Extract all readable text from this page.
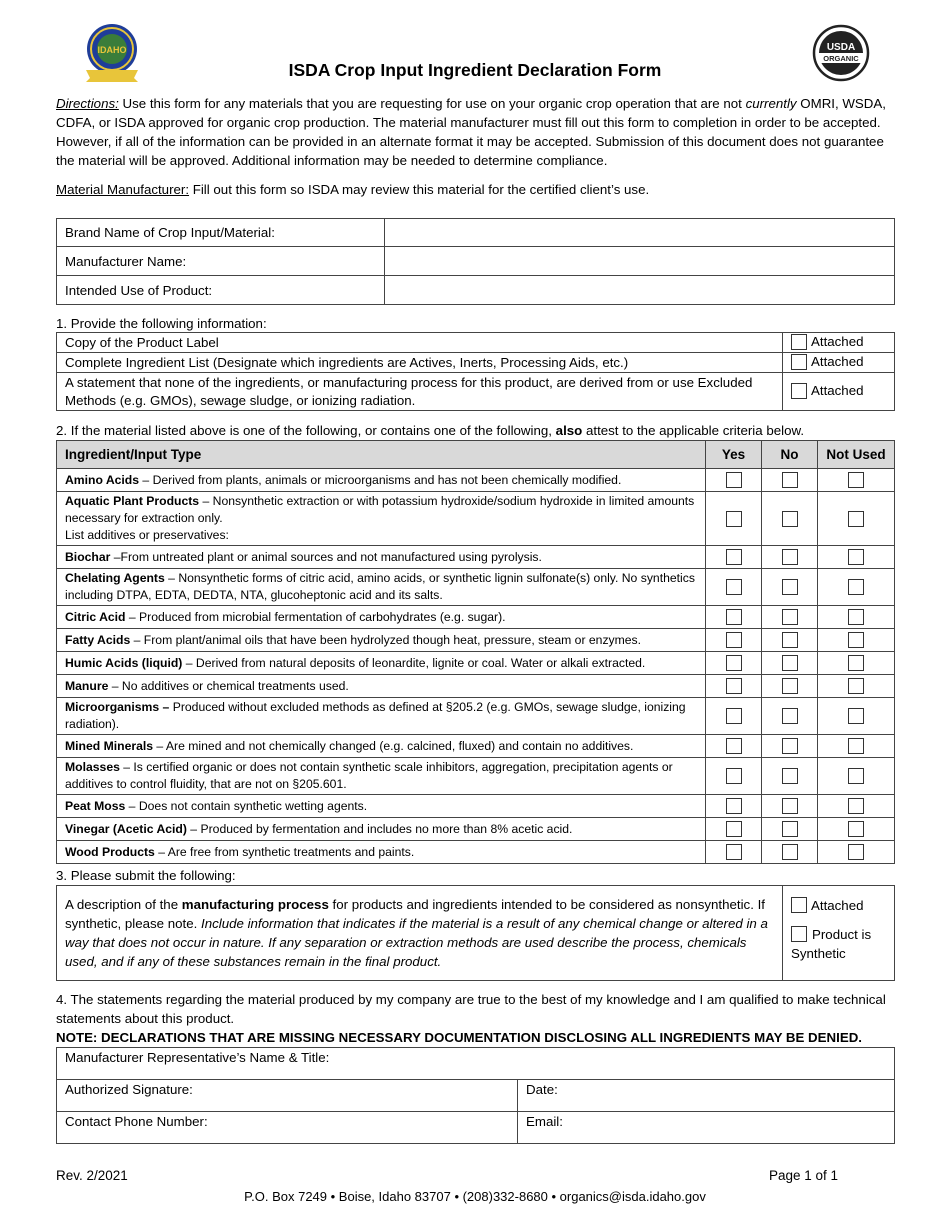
IDAHO	USDA
ORGANIC
ISDA Crop Input Ingredient Declaration Form
Directions: Use this form for any materials that you are requesting for use on your organic crop operation that are not currently OMRI, WSDA, CDFA, or ISDA approved for organic crop production. The material manufacturer must fill out this form to completion in order to be accepted. However, if all of the information can be provided in an alternate format it may be accepted. Submission of this document does not guarantee the material will be approved. Additional information may be needed to determine compliance.
Material Manufacturer: Fill out this form so ISDA may review this material for the certified client’s use.
Brand Name of Crop Input/Material:	
Manufacturer Name:	
Intended Use of Product:	
1. Provide the following information:
Copy of the Product Label	Attached
Complete Ingredient List (Designate which ingredients are Actives, Inerts, Processing Aids, etc.)	Attached
A statement that none of the ingredients, or manufacturing process for this product, are derived from or use Excluded Methods (e.g. GMOs), sewage sludge, or ionizing radiation.	Attached
2. If the material listed above is one of the following, or contains one of the following, also attest to the applicable criteria below.
Ingredient/Input Type	Yes	No	Not Used
Amino Acids – Derived from plants, animals or microorganisms and has not been chemically modified.			
Aquatic Plant Products – Nonsynthetic extraction or with potassium hydroxide/sodium hydroxide in limited amounts necessary for extraction only.
List additives or preservatives:			

Biochar –From untreated plant or animal sources and not manufactured using pyrolysis.			
Chelating Agents – Nonsynthetic forms of citric acid, amino acids, or synthetic lignin sulfonate(s) only. No synthetics including DTPA, EDTA, DEDTA, NTA, glucoheptonic acid and its salts.			
Citric Acid – Produced from microbial fermentation of carbohydrates (e.g. sugar).			
Fatty Acids – From plant/animal oils that have been hydrolyzed though heat, pressure, steam or enzymes.			
Humic Acids (liquid) – Derived from natural deposits of leonardite, lignite or coal. Water or alkali extracted.			
Manure – No additives or chemical treatments used.			
Microorganisms – Produced without excluded methods as defined at §205.2 (e.g. GMOs, sewage sludge, ionizing radiation).			
Mined Minerals – Are mined and not chemically changed (e.g. calcined, fluxed) and contain no additives.			
Molasses – Is certified organic or does not contain synthetic scale inhibitors, aggregation, precipitation agents or additives to control fluidity, that are not on §205.601.			
Peat Moss – Does not contain synthetic wetting agents.			
Vinegar (Acetic Acid) – Produced by fermentation and includes no more than 8% acetic acid.			
Wood Products – Are free from synthetic treatments and paints.			
3. Please submit the following:
A description of the manufacturing process for products and ingredients intended to be considered as nonsynthetic. If synthetic, please note. Include information that indicates if the material is a result of any chemical change or altered in a way that does not occur in nature. If any separation or extraction methods are used describe the process, chemicals used, and if any of these substances remain in the final product.	
Attached
Product is Synthetic
4. The statements regarding the material produced by my company are true to the best of my knowledge and I am qualified to make technical statements about this product.
NOTE: DECLARATIONS THAT ARE MISSING NECESSARY DOCUMENTATION DISCLOSING ALL INGREDIENTS MAY BE DENIED.
Manufacturer Representative’s Name & Title:	
Authorized Signature:	Date:
Contact Phone Number:	Email:
Rev. 2/2021	Page 1 of 1
P.O. Box 7249 • Boise, Idaho 83707 • (208)332-8680 • organics@isda.idaho.gov
